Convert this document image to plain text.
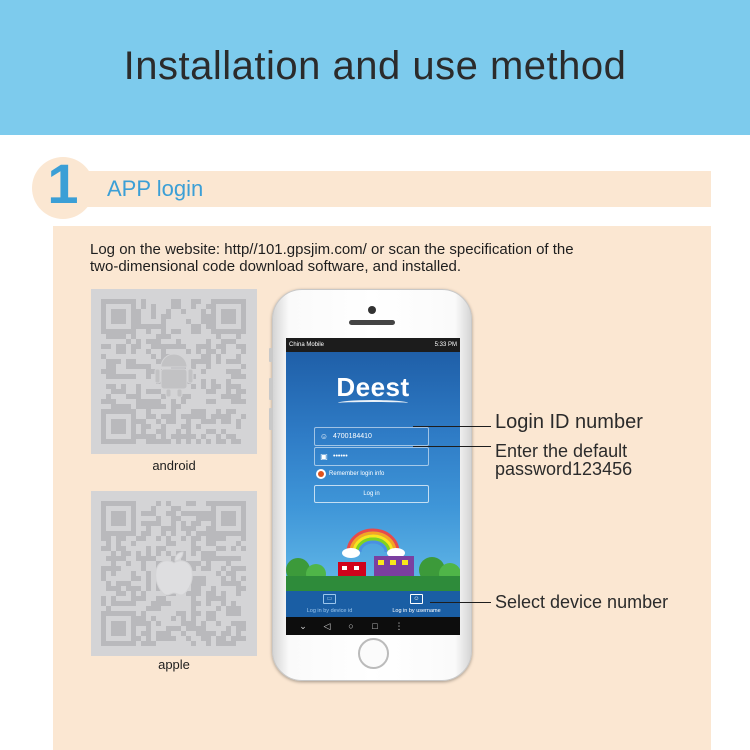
Installation and use method
1	APP login
Log on the website: http//101.gpsjim.com/ or scan the specification of the
two-dimensional code download software, and installed.
android
apple
China Mobile	5:33 PM
Deest
☺ 4700184410
▣ ••••••
Remember login info
Log in
▭
Log in by device id
☺
Log in by username
⌄	◁	○	□	⋮
Login ID number
Enter the default
password123456
Select device number
